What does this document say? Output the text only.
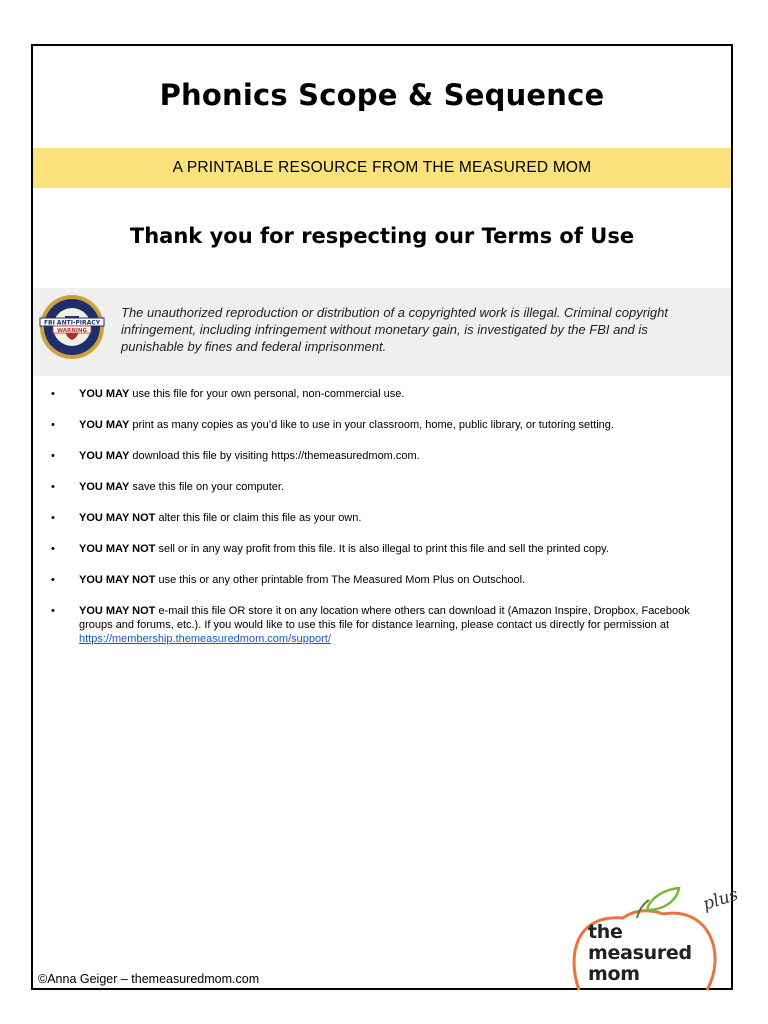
Phonics Scope & Sequence
A PRINTABLE RESOURCE FROM THE MEASURED MOM
Thank you for respecting our Terms of Use
FBI ANTI-PIRACY
WARNING
The unauthorized reproduction or distribution of a copyrighted work is illegal. Criminal copyright infringement, including infringement without monetary gain, is investigated by the FBI and is punishable by fines and federal imprisonment.
• YOU MAY use this file for your own personal, non-commercial use.
• YOU MAY print as many copies as you’d like to use in your classroom, home, public library, or tutoring setting.
• YOU MAY download this file by visiting https://themeasuredmom.com.
• YOU MAY save this file on your computer.
• YOU MAY NOT alter this file or claim this file as your own.
• YOU MAY NOT sell or in any way profit from this file. It is also illegal to print this file and sell the printed copy.
• YOU MAY NOT use this or any other printable from The Measured Mom Plus on Outschool.
• YOU MAY NOT e-mail this file OR store it on any location where others can download it (Amazon Inspire, Dropbox, Facebook groups and forums, etc.). If you would like to use this file for distance learning, please contact us directly for permission at https://membership.themeasuredmom.com/support/
©Anna Geiger – themeasuredmom.com
plus
the
measured
mom
